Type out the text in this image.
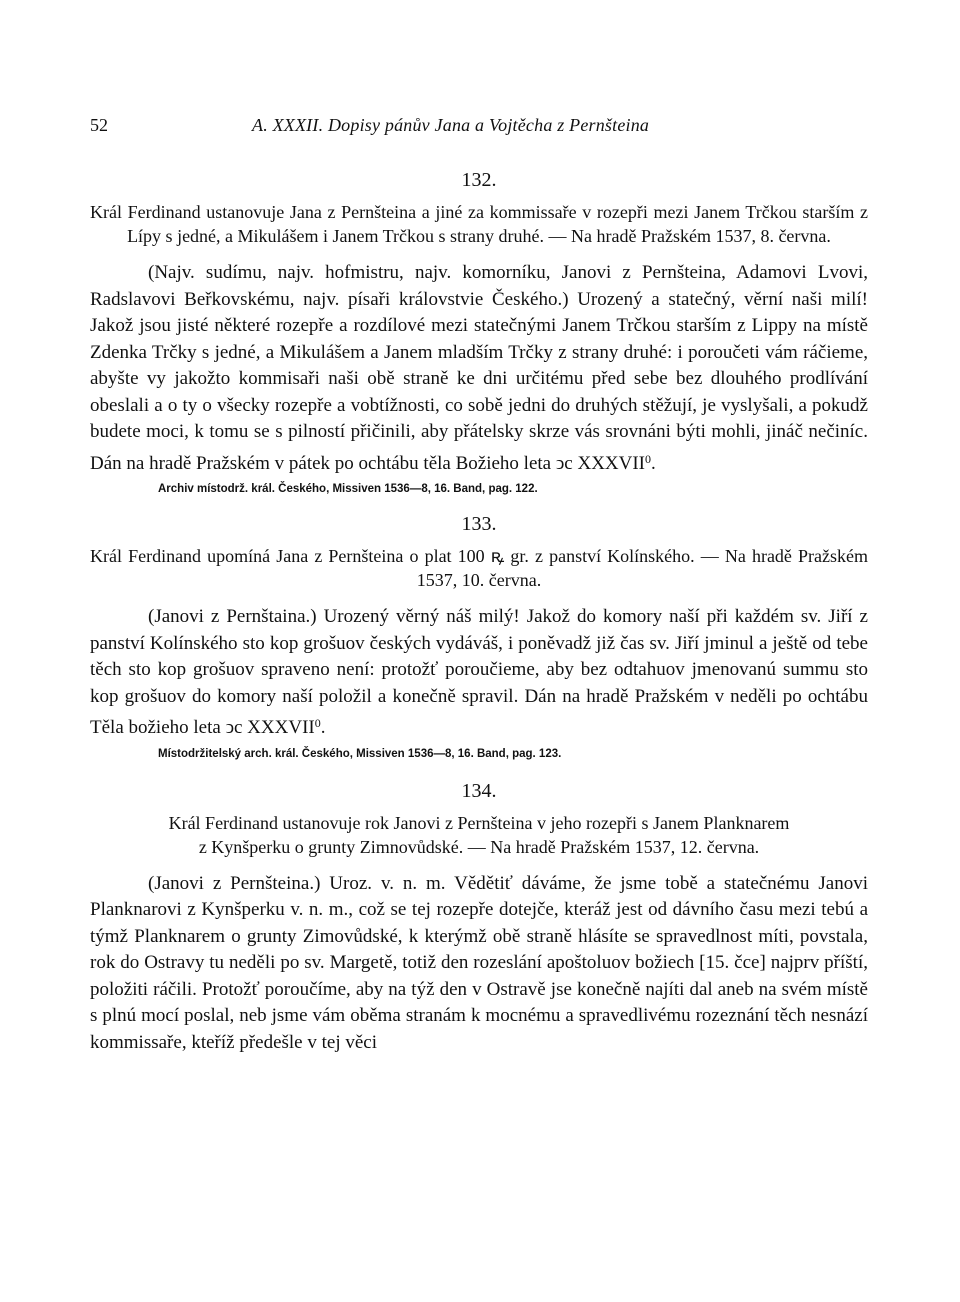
52	A. XXXII. Dopisy pánův Jana a Vojtěcha z Pernšteina
132.

Král Ferdinand ustanovuje Jana z Pernšteina a jiné za kommissaře v rozepři mezi Janem Trčkou starším z Lípy s jedné, a Mikulášem i Janem Trčkou s strany druhé. — Na hradě Pražském 1537, 8. června.

(Najv. sudímu, najv. hofmistru, najv. komorníku, Janovi z Pernšteina, Adamovi Lvovi, Radslavovi Beřkovskému, najv. písaři královstvie Českého.) Urozený a statečný, věrní naši milí! Jakož jsou jisté některé rozepře a rozdílové mezi statečnými Janem Trčkou starším z Lippy na místě Zdenka Trčky s jedné, a Mikulášem a Janem mladším Trčky z strany druhé: i poroučeti vám ráčieme, abyšte vy jakožto kommisaři naši obě straně ke dni určitému před sebe bez dlouhého prodlívání obeslali a o ty o všecky rozepře a vobtížnosti, co sobě jedni do druhých stěžují, je vyslyšali, a pokudž budete moci, k tomu se s pilností přičinili, aby přátelsky skrze vás srovnáni býti mohli, jináč nečiníc. Dán na hradě Pražském v pátek po ochtábu těla Božieho leta ͻc XXXVII$^0$.

Archiv místodrž. král. Českého, Missiven 1536—8, 16. Band, pag. 122.
133.

Král Ferdinand upomíná Jana z Pernšteina o plat 100 ꝶ gr. z panství Kolínského. — Na hradě Pražském 1537, 10. června.

(Janovi z Pernštaina.) Urozený věrný náš milý! Jakož do komory naší při každém sv. Jiří z panství Kolínského sto kop grošuov českých vydáváš, i poněvadž již čas sv. Jiří jminul a ještě od tebe těch sto kop grošuov spraveno není: protožť poroučieme, aby bez odtahuov jmenovanú summu sto kop grošuov do komory naší položil a konečně spravil. Dán na hradě Pražském v neděli po ochtábu Těla božieho leta ͻc XXXVII$^0$.

Místodržitelský arch. král. Českého, Missiven 1536—8, 16. Band, pag. 123.
134.

Král Ferdinand ustanovuje rok Janovi z Pernšteina v jeho rozepři s Janem Planknarem
z Kynšperku o grunty Zimnovůdské. — Na hradě Pražském 1537, 12. června.

(Janovi z Pernšteina.) Uroz. v. n. m. Vědětiť dáváme, že jsme tobě a statečnému Janovi Planknarovi z Kynšperku v. n. m., což se tej rozepře dotejče, kteráž jest od dávního času mezi tebú a týmž Planknarem o grunty Zimovůdské, k kterýmž obě straně hlásíte se spravedlnost míti, povstala, rok do Ostravy tu neděli po sv. Margetě, totiž den rozeslání apoštoluov božiech [15. čce] najprv příští, položiti ráčili. Protožť poroučíme, aby na týž den v Ostravě jse konečně najíti dal aneb na svém místě s plnú mocí poslal, neb jsme vám oběma stranám k mocnému a spravedlivému rozeznání těch nesnází kommissaře, kteříž předešle v tej věci
